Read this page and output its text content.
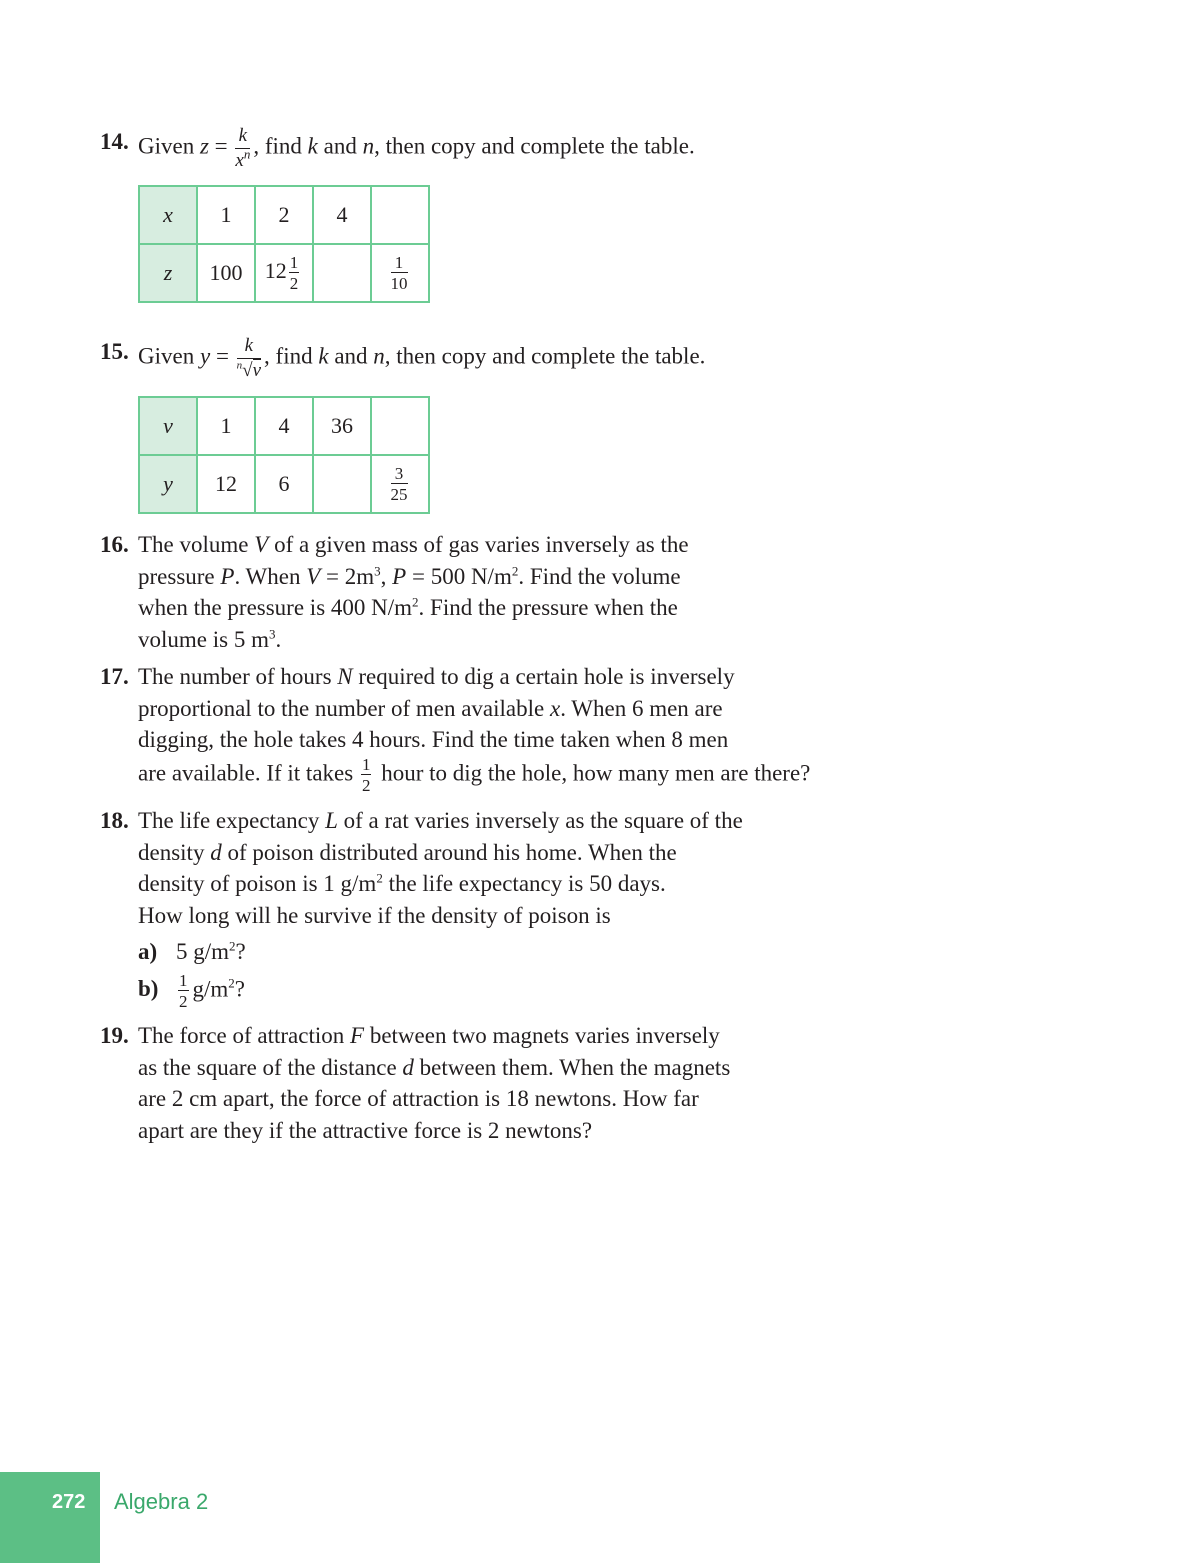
14. Given $z = \frac{k}{x^n}$ , find k and n, then copy and complete the table.
x	1	2	4	
z	100	$12 \frac{1}{2}$		$\frac{1}{10}$
15. Given $y = \frac{k}{^n√v}$ , find k and n, then copy and complete the table.
v	1	4	36	
y	12	6		$\frac{3}{25}$
16. The volume V of a given mass of gas varies inversely as the
pressure P. When $V = 2m^3$, P = 500 $N/m^2$. Find the volume
when the pressure is 400 $N/m^2$. Find the pressure when the
volume is 5 $m^3$.
17. The number of hours N required to dig a certain hole is inversely
proportional to the number of men available x. When 6 men are
digging, the hole takes 4 hours. Find the time taken when 8 men
are available. If it takes $\frac{1}{2}$ hour to dig the hole, how many men are there?
18. The life expectancy L of a rat varies inversely as the square of the
density d of poison distributed around his home. When the
density of poison is 1 $g/m^2$ the life expectancy is 50 days.
How long will he survive if the density of poison is
a) 5 $g/m^2$?
$b) \frac{1}{2} g/m^2$?
19. The force of attraction F between two magnets varies inversely
as the square of the distance d between them. When the magnets
are 2 cm apart, the force of attraction is 18 newtons. How far
apart are they if the attractive force is 2 newtons?
272 Algebra 2
